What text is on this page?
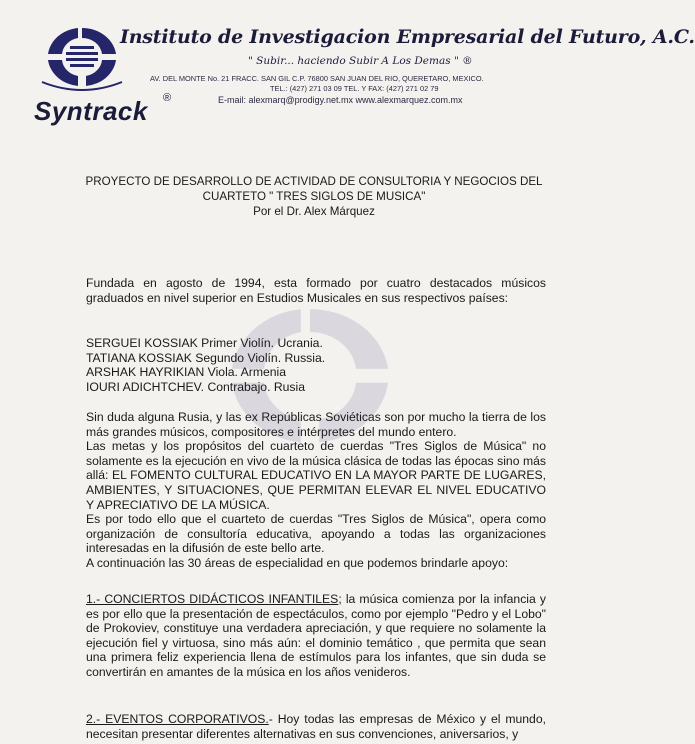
Syntrack ®
Instituto de Investigacion Empresarial del Futuro, A.C.
" Subir... haciendo Subir A Los Demas " ®
AV. DEL MONTE No. 21 FRACC. SAN GIL C.P. 76800 SAN JUAN DEL RIO, QUERETARO, MEXICO.
TEL.: (427) 271 03 09 TEL. Y FAX: (427) 271 02 79
E-mail: alexmarq@prodigy.net.mx www.alexmarquez.com.mx
PROYECTO DE DESARROLLO DE ACTIVIDAD DE CONSULTORIA Y NEGOCIOS DEL
CUARTETO " TRES SIGLOS DE MUSICA"
Por el Dr. Alex Márquez

Fundada en agosto de 1994, esta formado por cuatro destacados músicos graduados en nivel superior en Estudios Musicales en sus respectivos países:

SERGUEI KOSSIAK Primer Violín. Ucrania.
TATIANA KOSSIAK Segundo Violín. Russia.
ARSHAK HAYRIKIAN Viola. Armenia
IOURI ADICHTCHEV. Contrabajo. Rusia

Sin duda alguna Rusia, y las ex Repúblicas Soviéticas son por mucho la tierra de los más grandes músicos, compositores e intérpretes del mundo entero.

Las metas y los propósitos del cuarteto de cuerdas "Tres Siglos de Música" no solamente es la ejecución en vivo de la música clásica de todas las épocas sino más allá: EL FOMENTO CULTURAL EDUCATIVO EN LA MAYOR PARTE DE LUGARES, AMBIENTES, Y SITUACIONES, QUE PERMITAN ELEVAR EL NIVEL EDUCATIVO Y APRECIATIVO DE LA MÚSICA.

Es por todo ello que el cuarteto de cuerdas "Tres Siglos de Música", opera como organización de consultoría educativa, apoyando a todas las organizaciones interesadas en la difusión de este bello arte.

A continuación las 30 áreas de especialidad en que podemos brindarle apoyo:

1.- CONCIERTOS DIDÁCTICOS INFANTILES; la música comienza por la infancia y es por ello que la presentación de espectáculos, como por ejemplo "Pedro y el Lobo" de Prokoviev, constituye una verdadera apreciación, y que requiere no solamente la ejecución fiel y virtuosa, sino más aún: el dominio temático , que permita que sean una primera feliz experiencia llena de estímulos para los infantes, que sin duda se convertirán en amantes de la música en los años venideros.

2.- EVENTOS CORPORATIVOS.- Hoy todas las empresas de México y el mundo, necesitan presentar diferentes alternativas en sus convenciones, aniversarios, y
